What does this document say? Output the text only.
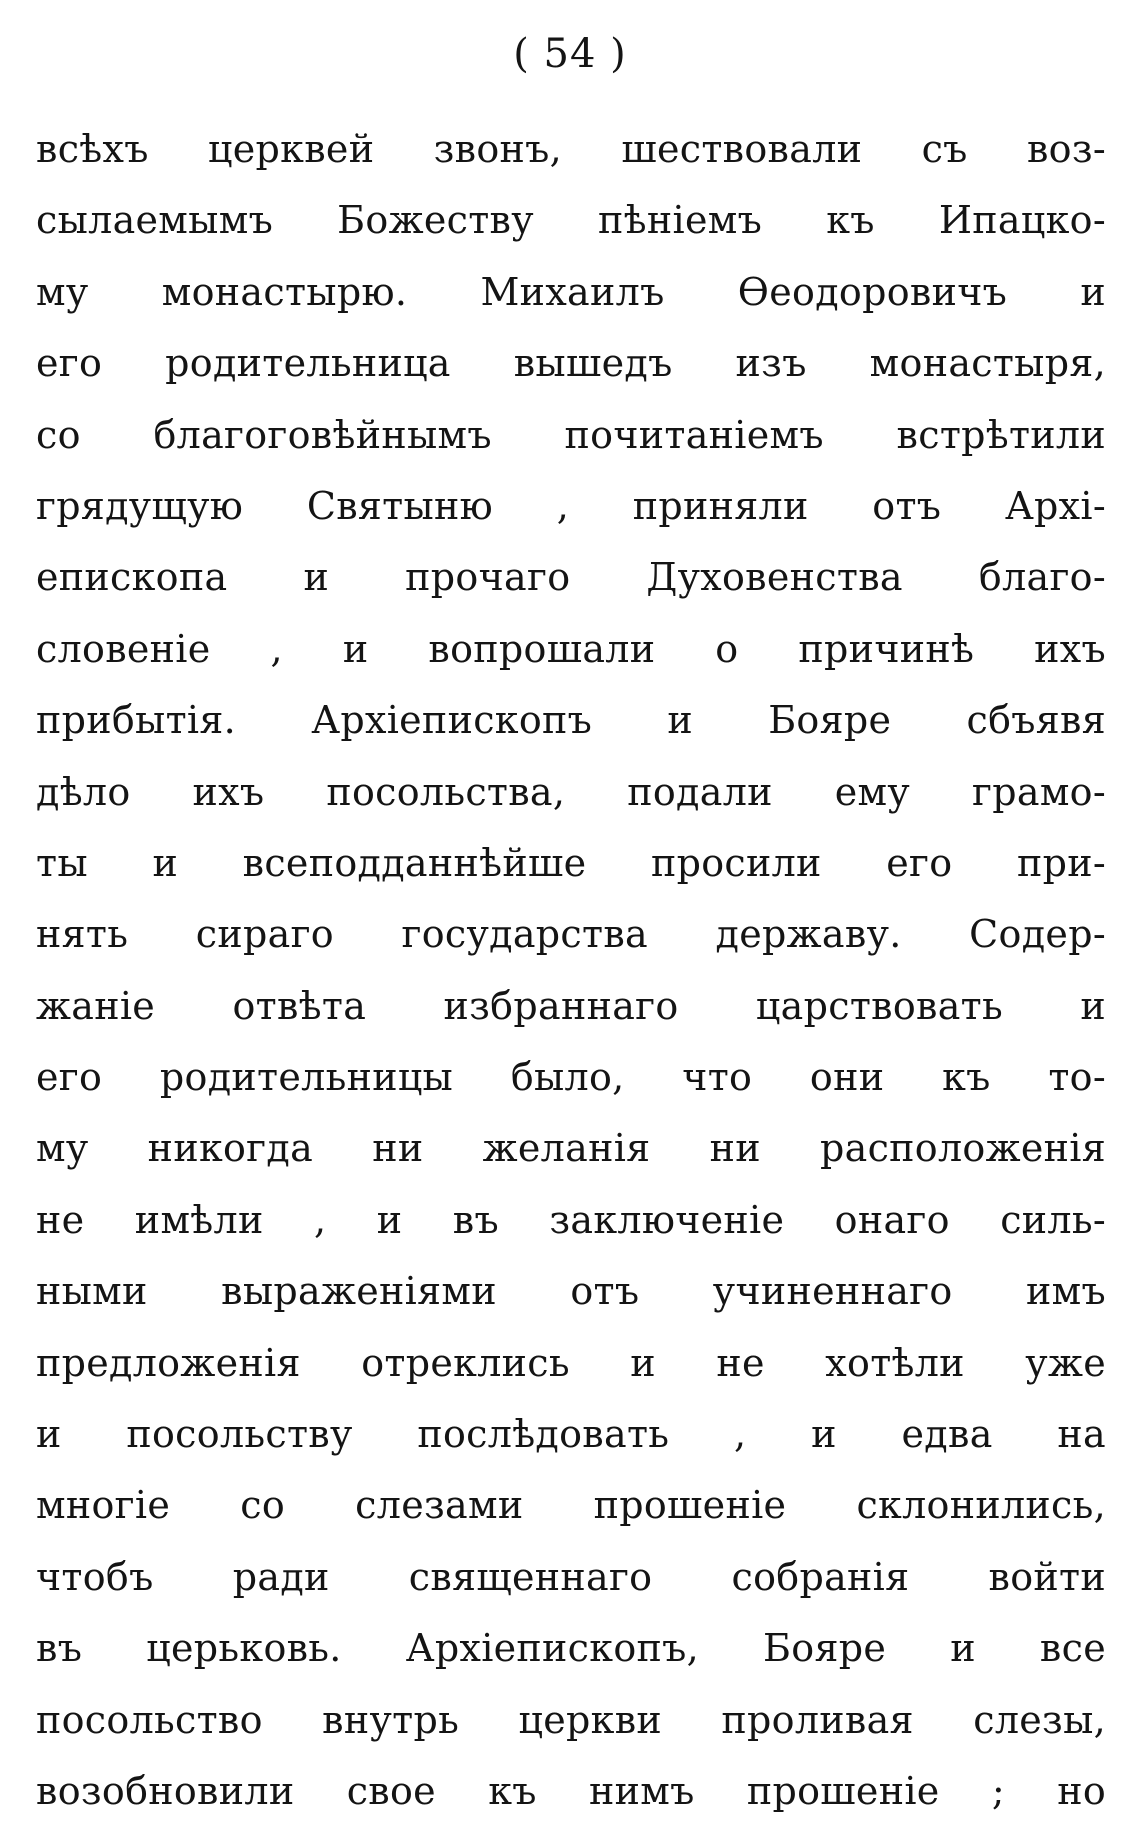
( 54 )
всѣхъ церквей звонъ, шествовали съ воз-
сылаемымъ Божеству пѣніемъ къ Ипацко-
му монастырю. Михаилъ Ѳеодоровичъ и
его родительница вышедъ изъ монастыря,
со благоговѣйнымъ почитаніемъ встрѣтили
грядущую Святыню , приняли отъ Архі-
епископа и прочаго Духовенства благо-
словеніе , и вопрошали о причинѣ ихъ
прибытія. Архіепископъ и Бояре сбъявя
дѣло ихъ посольства, подали ему грамо-
ты и всеподданнѣйше просили его при-
нять сираго государства державу. Содер-
жаніе отвѣта избраннаго царствовать и
его родительницы было, что они къ то-
му никогда ни желанія ни расположенія
не имѣли , и въ заключеніе онаго силь-
ными выраженіями отъ учиненнаго имъ
предложенія отреклись и не хотѣли уже
и посольству послѣдовать , и едва на
многіе со слезами прошеніе склонились,
чтобъ ради священнаго собранія войти
въ церьковь. Архіепископъ, Бояре и все
посольство внутрь церкви проливая слезы,
возобновили свое къ нимъ прошеніе ; но
